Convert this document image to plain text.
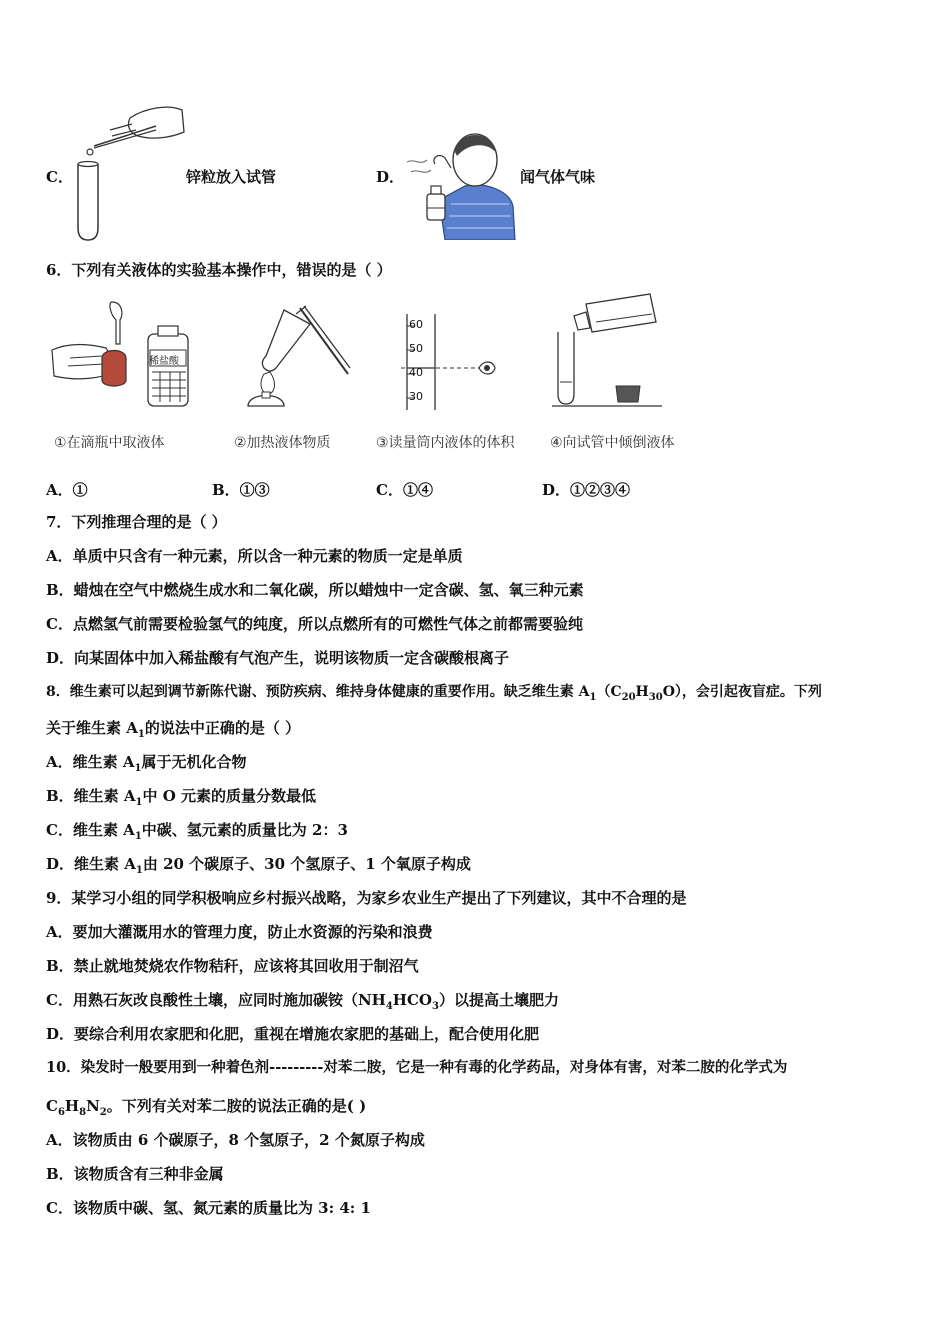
C．	锌粒放入试管	D．	闻气体气味
6．下列有关液体的实验基本操作中，错误的是（ ）
稀盐酸
60
50
40
30
①在滴瓶中取液体	②加热液体物质	③读量筒内液体的体积	④向试管中倾倒液体
A．①	B．①③	C．①④	D．①②③④
7．下列推理合理的是（ ）
A．单质中只含有一种元素，所以含一种元素的物质一定是单质
B．蜡烛在空气中燃烧生成水和二氧化碳，所以蜡烛中一定含碳、氢、氧三种元素
C．点燃氢气前需要检验氢气的纯度，所以点燃所有的可燃性气体之前都需要验纯
D．向某固体中加入稀盐酸有气泡产生，说明该物质一定含碳酸根离子
8．维生素可以起到调节新陈代谢、预防疾病、维持身体健康的重要作用。缺乏维生素 $A_1(C_{20}H_{30}O)$，会引起夜盲症。下列
关于维生素 $A_1$的说法中正确的是（ ）
A．维生素 $A_1$属于无机化合物
B．维生素 $A_1$中 O 元素的质量分数最低
C．维生素 $A_1$中碳、氢元素的质量比为 2：3
D．维生素 $A_1$由 20 个碳原子、30 个氢原子、1 个氧原子构成
9．某学习小组的同学积极响应乡村振兴战略，为家乡农业生产提出了下列建议，其中不合理的是
A．要加大灌溉用水的管理力度，防止水资源的污染和浪费
B．禁止就地焚烧农作物秸秆，应该将其回收用于制沼气
C．用熟石灰改良酸性土壤，应同时施加碳铵$(NH_4HCO_3)$以提高土壤肥力
D．要综合利用农家肥和化肥，重视在增施农家肥的基础上，配合使用化肥
10．染发时一般要用到一种着色剂---------对苯二胺，它是一种有毒的化学药品，对身体有害，对苯二胺的化学式为
$C_6H_8N_2$。下列有关对苯二胺的说法正确的是( )
A．该物质由 6 个碳原子，8 个氢原子，2 个氮原子构成
B．该物质含有三种非金属
C．该物质中碳、氢、氮元素的质量比为 3: 4: 1
